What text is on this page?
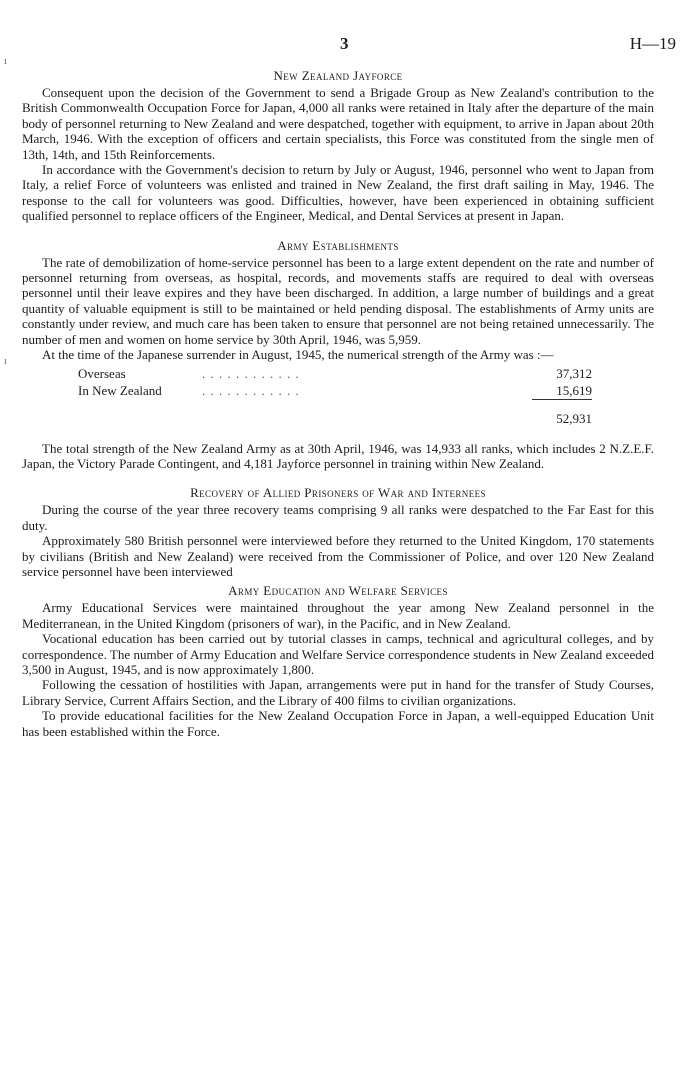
ı
ı
3	H—19
New Zealand Jayforce

Consequent upon the decision of the Government to send a Brigade Group as New Zealand's contribution to the British Commonwealth Occupation Force for Japan, 4,000 all ranks were retained in Italy after the departure of the main body of personnel returning to New Zealand and were despatched, together with equipment, to arrive in Japan about 20th March, 1946. With the exception of officers and certain specialists, this Force was constituted from the single men of 13th, 14th, and 15th Reinforcements.

In accordance with the Government's decision to return by July or August, 1946, personnel who went to Japan from Italy, a relief Force of volunteers was enlisted and trained in New Zealand, the first draft sailing in May, 1946. The response to the call for volunteers was good. Difficulties, however, have been experienced in obtaining sufficient qualified personnel to replace officers of the Engineer, Medical, and Dental Services at present in Japan.

Army Establishments

The rate of demobilization of home-service personnel has been to a large extent dependent on the rate and number of personnel returning from overseas, as hospital, records, and movements staffs are required to deal with overseas personnel until their leave expires and they have been discharged. In addition, a large number of buildings and a great quantity of valuable equipment is still to be maintained or held pending disposal. The establishments of Army units are constantly under review, and much care has been taken to ensure that personnel are not being retained unnecessarily. The number of men and women on home service by 30th April, 1946, was 5,959.

At the time of the Japanese surrender in August, 1945, the numerical strength of the Army was :—

Overseas	. . . . . . . . . . . .	37,312
In New Zealand	. . . . . . . . . . . .	15,619
		52,931

The total strength of the New Zealand Army as at 30th April, 1946, was 14,933 all ranks, which includes 2 N.Z.E.F. Japan, the Victory Parade Contingent, and 4,181 Jayforce personnel in training within New Zealand.

Recovery of Allied Prisoners of War and Internees

During the course of the year three recovery teams comprising 9 all ranks were despatched to the Far East for this duty.

Approximately 580 British personnel were interviewed before they returned to the United Kingdom, 170 statements by civilians (British and New Zealand) were received from the Commissioner of Police, and over 120 New Zealand service personnel have been interviewed

Army Education and Welfare Services

Army Educational Services were maintained throughout the year among New Zealand personnel in the Mediterranean, in the United Kingdom (prisoners of war), in the Pacific, and in New Zealand.

Vocational education has been carried out by tutorial classes in camps, technical and agricultural colleges, and by correspondence. The number of Army Education and Welfare Service correspondence students in New Zealand exceeded 3,500 in August, 1945, and is now approximately 1,800.

Following the cessation of hostilities with Japan, arrangements were put in hand for the transfer of Study Courses, Library Service, Current Affairs Section, and the Library of 400 films to civilian organizations.

To provide educational facilities for the New Zealand Occupation Force in Japan, a well-equipped Education Unit has been established within the Force.
